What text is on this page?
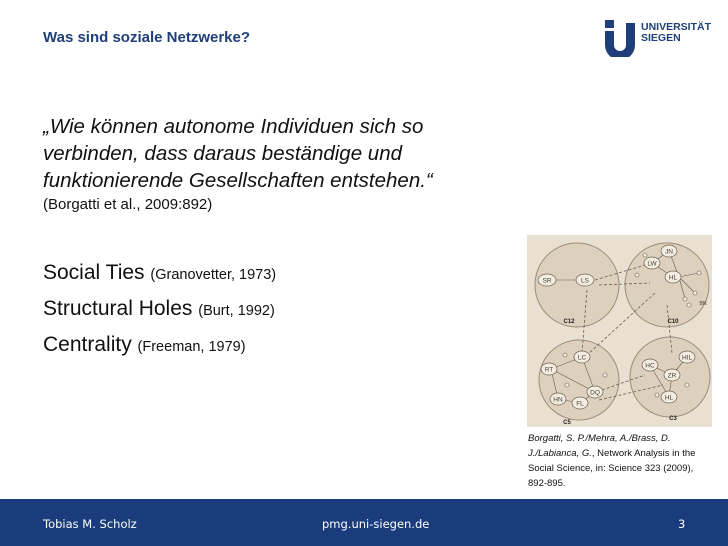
Was sind soziale Netzwerke?
UNIVERSITÄT
SIEGEN
„Wie können autonome Individuen sich so verbinden, dass daraus beständige und funktionierende Gesellschaften entstehen.“
(Borgatti et al., 2009:892)
Social Ties (Granovetter, 1973)
Structural Holes (Burt, 1992)
Centrality (Freeman, 1979)
SR	LS
JN
LW
HL
BN
LC
RT
HN
FL
DQ
HC
HIL
ZR
HL
C12	C10
C5
C3
Borgatti, S. P./Mehra, A./Brass, D. J./Labianca, G., Network Analysis in the Social Science, in: Science 323 (2009), 892-895.
Tobias M. Scholz	pmg.uni-siegen.de	3
